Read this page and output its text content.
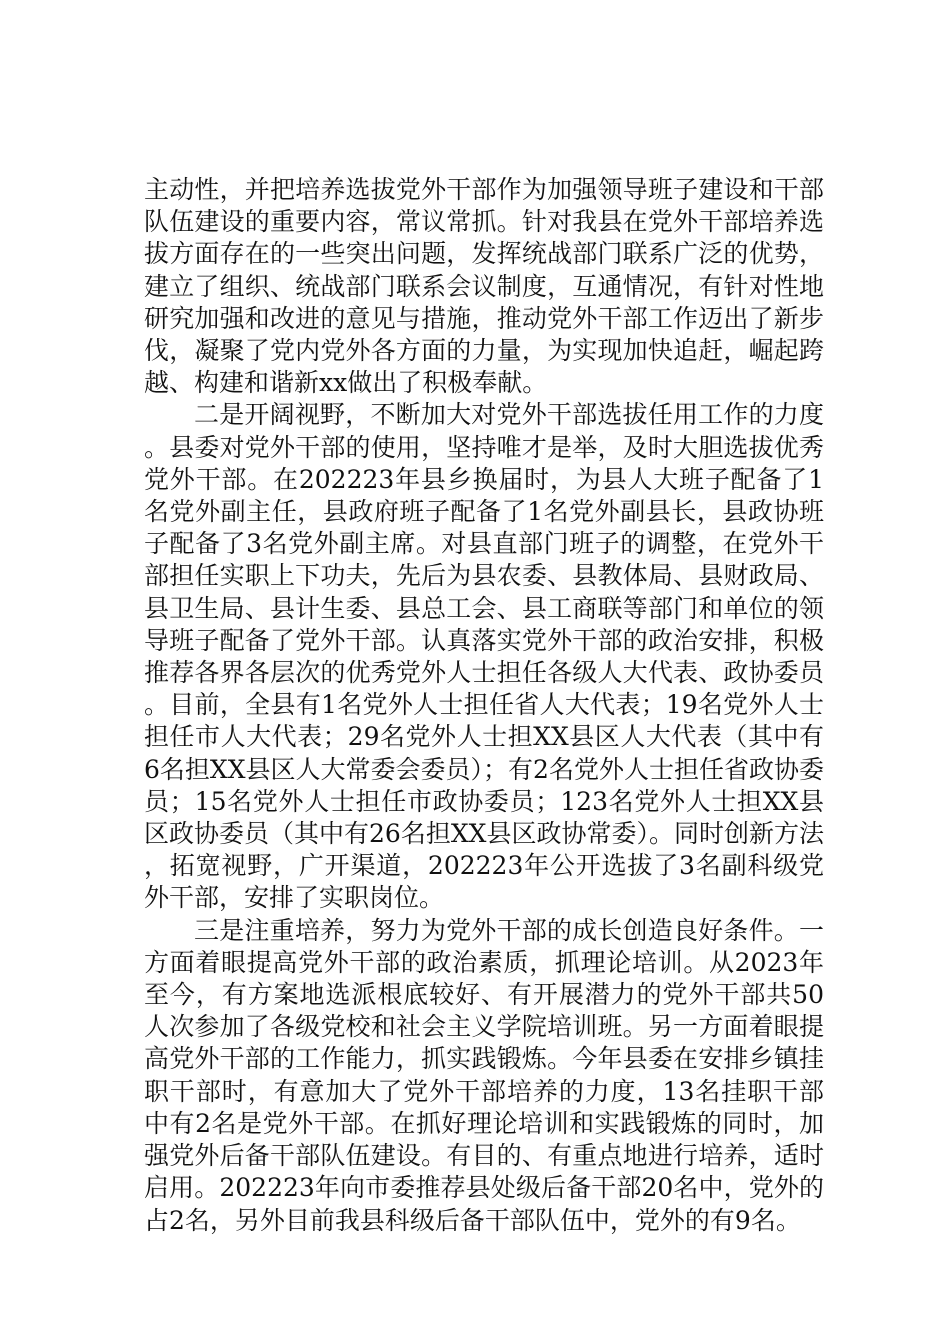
主动性，并把培养选拔党外干部作为加强领导班子建设和干部队伍建设的重要内容，常议常抓。针对我县在党外干部培养选拔方面存在的一些突出问题，发挥统战部门联系广泛的优势，建立了组织、统战部门联系会议制度，互通情况，有针对性地研究加强和改进的意见与措施，推动党外干部工作迈出了新步伐，凝聚了党内党外各方面的力量，为实现加快追赶，崛起跨越、构建和谐新xx做出了积极奉献。

二是开阔视野，不断加大对党外干部选拔任用工作的力度。县委对党外干部的使用，坚持唯才是举，及时大胆选拔优秀党外干部。在202223年县乡换届时，为县人大班子配备了1名党外副主任，县政府班子配备了1名党外副县长，县政协班子配备了3名党外副主席。对县直部门班子的调整，在党外干部担任实职上下功夫，先后为县农委、县教体局、县财政局、县卫生局、县计生委、县总工会、县工商联等部门和单位的领导班子配备了党外干部。认真落实党外干部的政治安排，积极推荐各界各层次的优秀党外人士担任各级人大代表、政协委员。目前，全县有1名党外人士担任省人大代表；19名党外人士担任市人大代表；29名党外人士担XX县区人大代表（其中有6名担XX县区人大常委会委员）；有2名党外人士担任省政协委员；15名党外人士担任市政协委员；123名党外人士担XX县区政协委员（其中有26名担XX县区政协常委）。同时创新方法，拓宽视野，广开渠道，202223年公开选拔了3名副科级党外干部，安排了实职岗位。

三是注重培养，努力为党外干部的成长创造良好条件。一方面着眼提高党外干部的政治素质，抓理论培训。从2023年至今，有方案地选派根底较好、有开展潜力的党外干部共50人次参加了各级党校和社会主义学院培训班。另一方面着眼提高党外干部的工作能力，抓实践锻炼。今年县委在安排乡镇挂职干部时，有意加大了党外干部培养的力度，13名挂职干部中有2名是党外干部。在抓好理论培训和实践锻炼的同时，加强党外后备干部队伍建设。有目的、有重点地进行培养，适时启用。202223年向市委推荐县处级后备干部20名中，党外的占2名，另外目前我县科级后备干部队伍中，党外的有9名。
